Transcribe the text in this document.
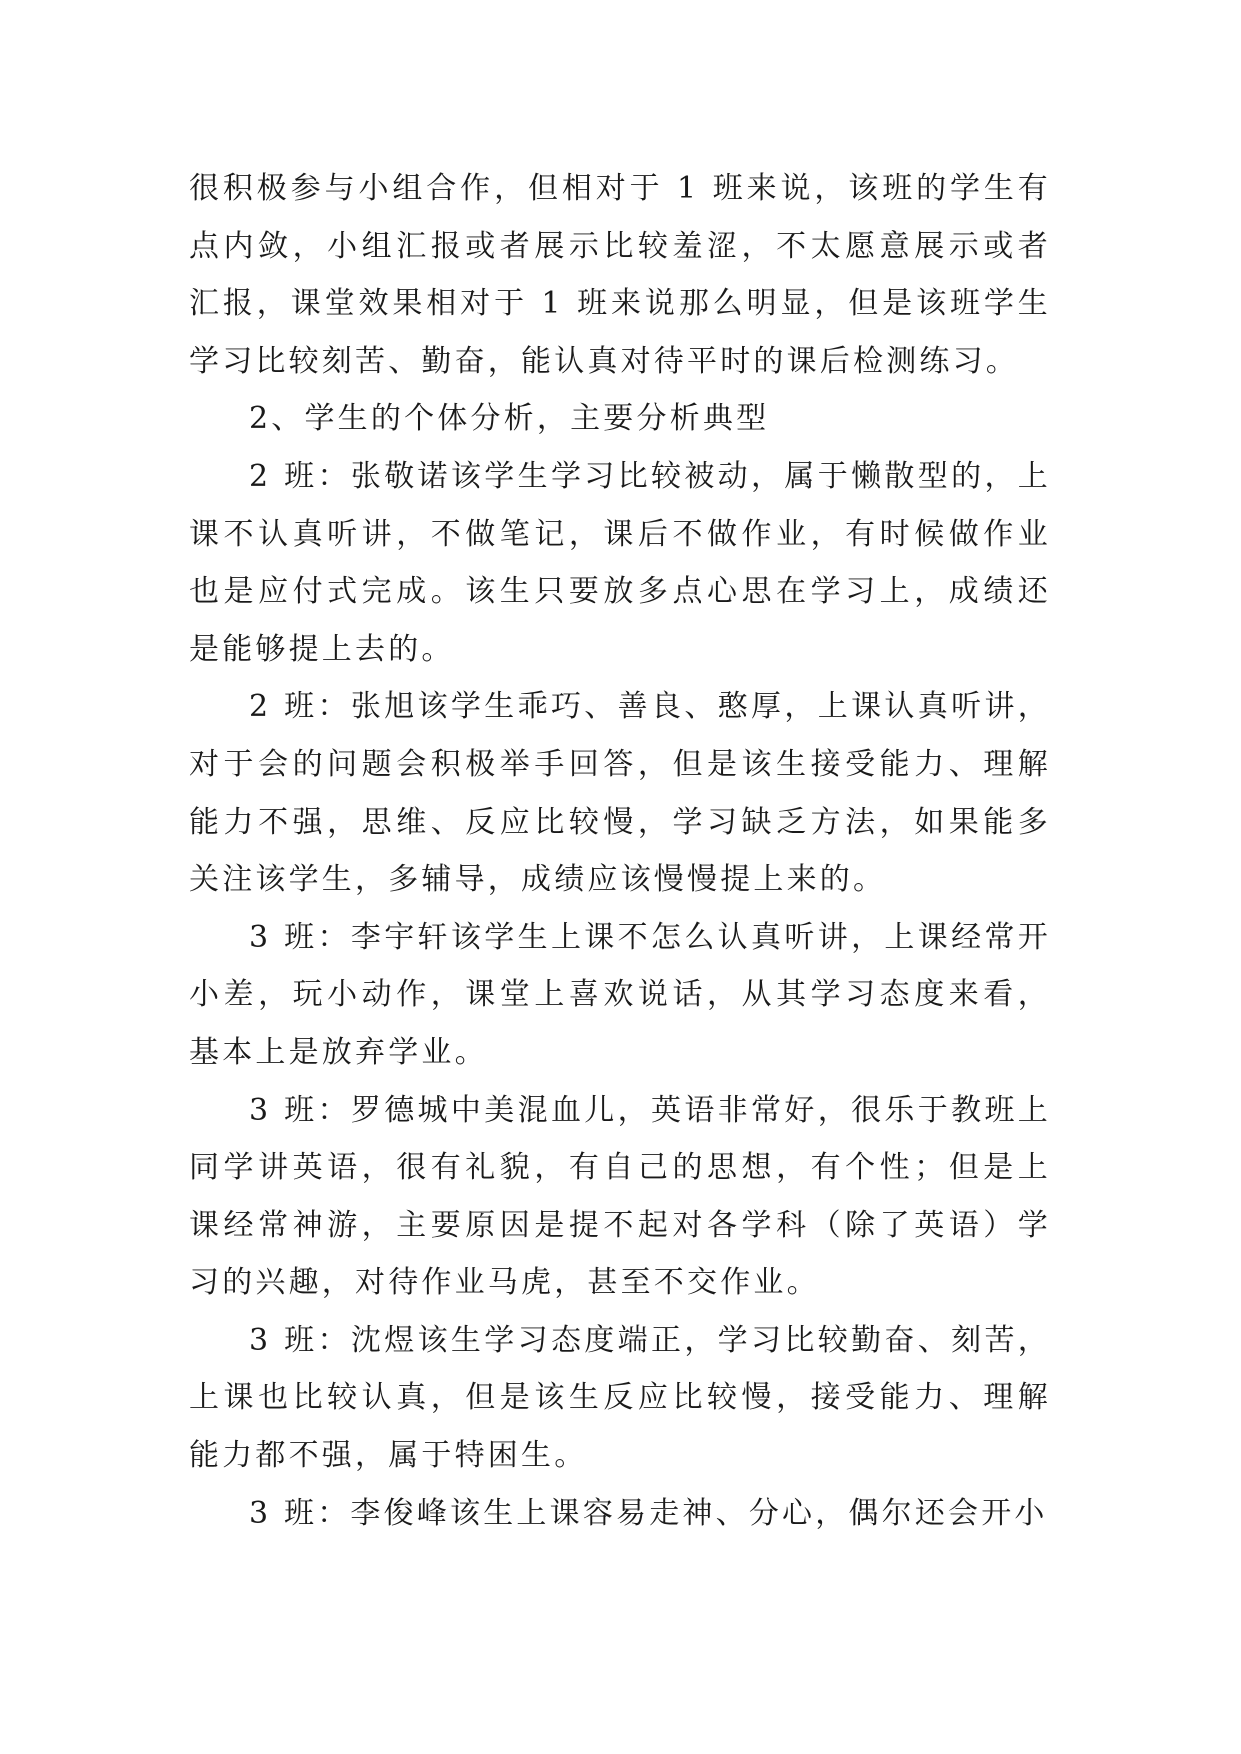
很积极参与小组合作，但相对于 1 班来说，该班的学生有点内敛，小组汇报或者展示比较羞涩，不太愿意展示或者汇报，课堂效果相对于 1 班来说那么明显，但是该班学生学习比较刻苦、勤奋，能认真对待平时的课后检测练习。

2、学生的个体分析，主要分析典型

2 班：张敬诺该学生学习比较被动，属于懒散型的，上课不认真听讲，不做笔记，课后不做作业，有时候做作业也是应付式完成。该生只要放多点心思在学习上，成绩还是能够提上去的。

2 班：张旭该学生乖巧、善良、憨厚，上课认真听讲，对于会的问题会积极举手回答，但是该生接受能力、理解能力不强，思维、反应比较慢，学习缺乏方法，如果能多关注该学生，多辅导，成绩应该慢慢提上来的。

3 班：李宇轩该学生上课不怎么认真听讲，上课经常开小差，玩小动作，课堂上喜欢说话，从其学习态度来看，基本上是放弃学业。

3 班：罗德城中美混血儿，英语非常好，很乐于教班上同学讲英语，很有礼貌，有自己的思想，有个性；但是上课经常神游，主要原因是提不起对各学科（除了英语）学习的兴趣，对待作业马虎，甚至不交作业。

3 班：沈煜该生学习态度端正，学习比较勤奋、刻苦，上课也比较认真，但是该生反应比较慢，接受能力、理解能力都不强，属于特困生。

3 班：李俊峰该生上课容易走神、分心，偶尔还会开小
